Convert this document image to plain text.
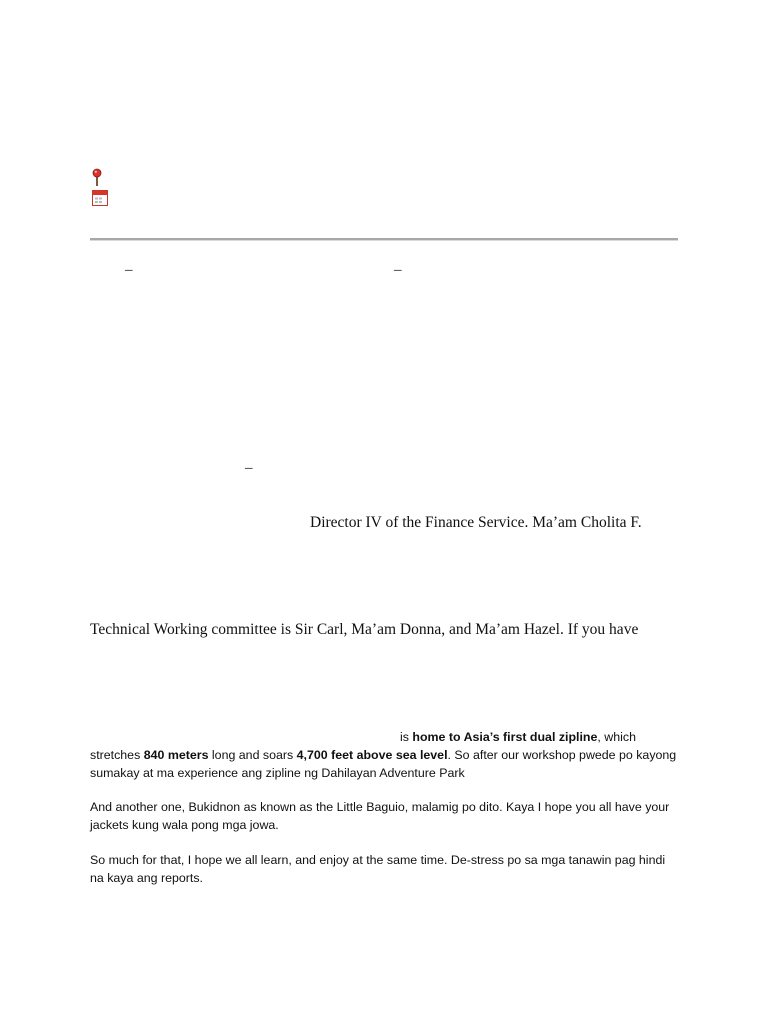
–	–
–
Director IV of the Finance Service. Ma’am Cholita F.
Technical Working committee is Sir Carl, Ma’am Donna, and Ma’am Hazel. If you have
is home to Asia’s first dual zipline, which stretches 840 meters long and soars 4,700 feet above sea level. So after our workshop pwede po kayong sumakay at ma experience ang zipline ng Dahilayan Adventure Park

And another one, Bukidnon as known as the Little Baguio, malamig po dito. Kaya I hope you all have your jackets kung wala pong mga jowa.

So much for that, I hope we all learn, and enjoy at the same time. De-stress po sa mga tanawin pag hindi na kaya ang reports.
